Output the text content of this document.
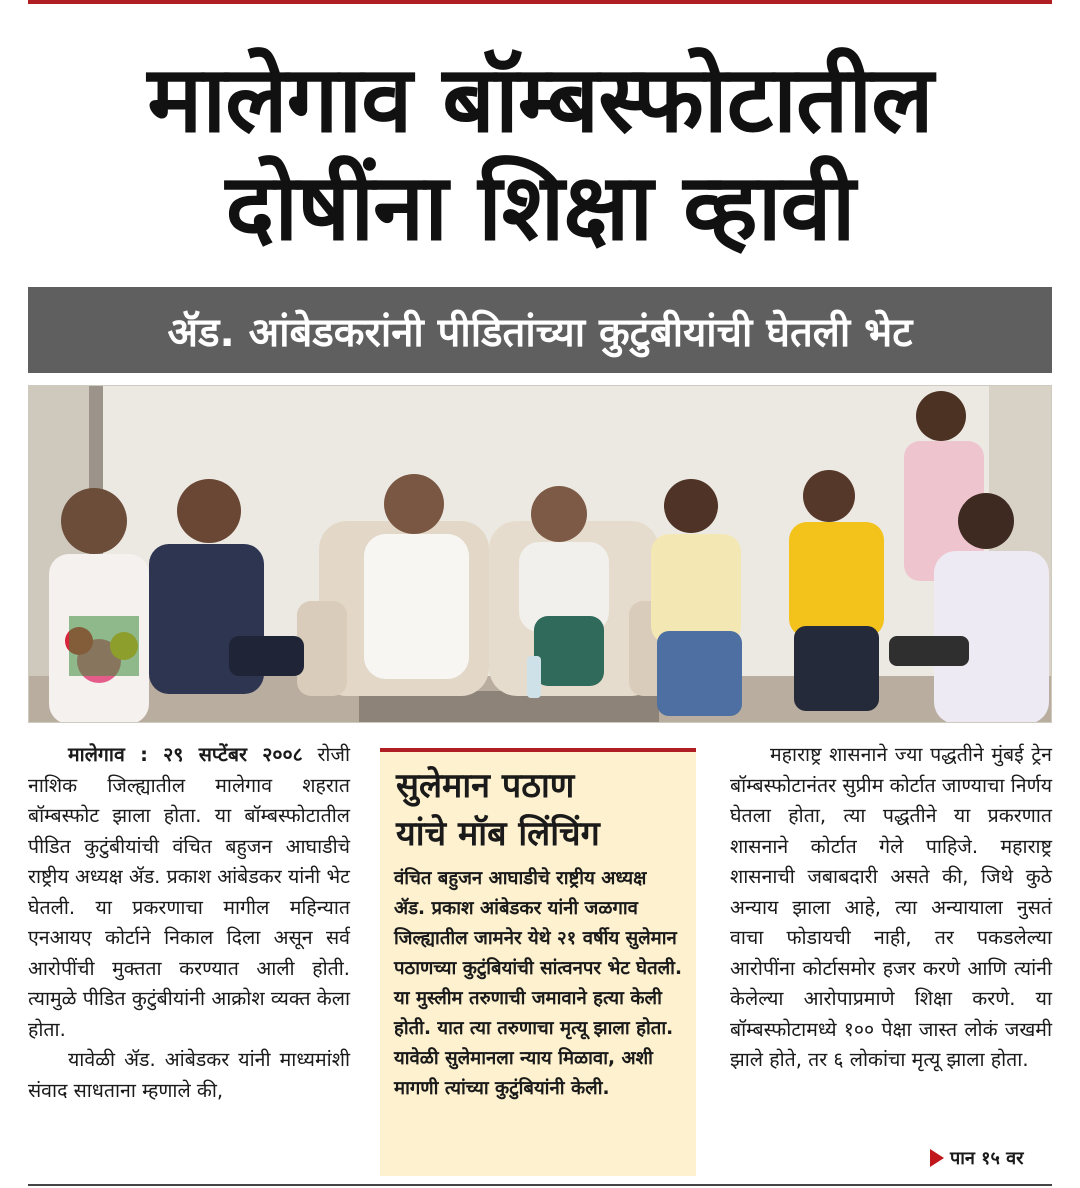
मालेगाव बॉम्बस्फोटातील
दोषींना शिक्षा व्हावी
ॲड. आंबेडकरांनी पीडितांच्या कुटुंबीयांची घेतली भेट

मालेगाव : २९ सप्टेंबर २००८ रोजी नाशिक जिल्ह्यातील मालेगाव शहरात बॉम्बस्फोट झाला होता. या बॉम्बस्फोटातील पीडित कुटुंबीयांची वंचित बहुजन आघाडीचे राष्ट्रीय अध्यक्ष ॲड. प्रकाश आंबेडकर यांनी भेट घेतली. या प्रकरणाचा मागील महिन्यात एनआयए कोर्टाने निकाल दिला असून सर्व आरोपींची मुक्तता करण्यात आली होती. त्यामुळे पीडित कुटुंबीयांनी आक्रोश व्यक्त केला होता.

यावेळी ॲड. आंबेडकर यांनी माध्यमांशी संवाद साधताना म्हणाले की,

सुलेमान पठाण
यांचे मॉब लिंचिंग
वंचित बहुजन आघाडीचे राष्ट्रीय अध्यक्ष ॲड. प्रकाश आंबेडकर यांनी जळगाव जिल्ह्यातील जामनेर येथे २१ वर्षीय सुलेमान पठाणच्या कुटुंबियांची सांत्वनपर भेट घेतली. या मुस्लीम तरुणाची जमावाने हत्या केली होती. यात त्या तरुणाचा मृत्यू झाला होता. यावेळी सुलेमानला न्याय मिळावा, अशी मागणी त्यांच्या कुटुंबियांनी केली.

महाराष्ट्र शासनाने ज्या पद्धतीने मुंबई ट्रेन बॉम्बस्फोटानंतर सुप्रीम कोर्टात जाण्याचा निर्णय घेतला होता, त्या पद्धतीने या प्रकरणात शासनाने कोर्टात गेले पाहिजे. महाराष्ट्र शासनाची जबाबदारी असते की, जिथे कुठे अन्याय झाला आहे, त्या अन्यायाला नुसतं वाचा फोडायची नाही, तर पकडलेल्या आरोपींना कोर्टासमोर हजर करणे आणि त्यांनी केलेल्या आरोपाप्रमाणे शिक्षा करणे. या बॉम्बस्फोटामध्ये १०० पेक्षा जास्त लोकं जखमी झाले होते, तर ६ लोकांचा मृत्यू झाला होता.

पान १५ वर
